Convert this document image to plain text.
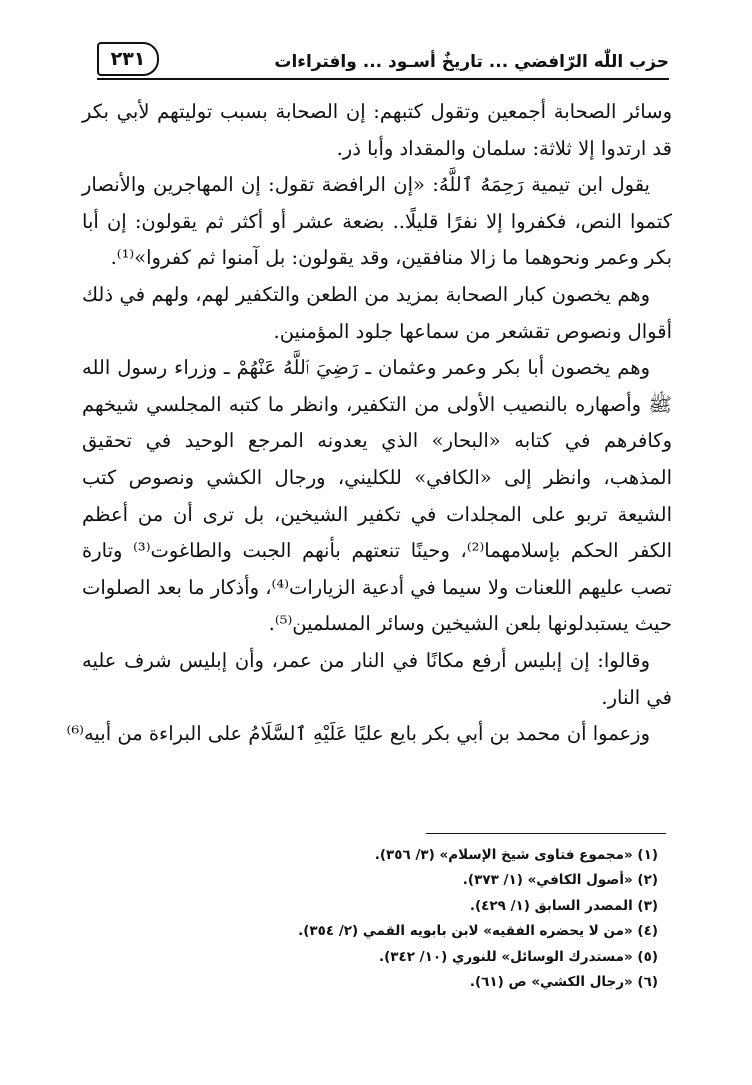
حزب اللّٰه الرّافضي ... تاريخٌ أسـود ... وافتراءات
٢٣١

وسائر الصحابة أجمعين وتقول كتبهم: إن الصحابة بسبب توليتهم لأبي بكر قد ارتدوا إلا ثلاثة: سلمان والمقداد وأبا ذر.

يقول ابن تيمية رَحِمَهُ ٱللَّهُ: «إن الرافضة تقول: إن المهاجرين والأنصار كتموا النص، فكفروا إلا نفرًا قليلًا.. بضعة عشر أو أكثر ثم يقولون: إن أبا بكر وعمر ونحوهما ما زالا منافقين، وقد يقولون: بل آمنوا ثم كفروا»⁽¹⁾.

وهم يخصون كبار الصحابة بمزيد من الطعن والتكفير لهم، ولهم في ذلك أقوال ونصوص تقشعر من سماعها جلود المؤمنين.

وهم يخصون أبا بكر وعمر وعثمان ـ رَضِيَ ٱللَّهُ عَنْهُمْ ـ وزراء رسول الله ﷺ وأصهاره بالنصيب الأولى من التكفير، وانظر ما كتبه المجلسي شيخهم وكافرهم في كتابه «البحار» الذي يعدونه المرجع الوحيد في تحقيق المذهب، وانظر إلى «الكافي» للكليني، ورجال الكشي ونصوص كتب الشيعة تربو على المجلدات في تكفير الشيخين، بل ترى أن من أعظم الكفر الحكم بإسلامهما⁽²⁾، وحينًا تنعتهم بأنهم الجبت والطاغوت⁽³⁾ وتارة تصب عليهم اللعنات ولا سيما في أدعية الزيارات⁽⁴⁾، وأذكار ما بعد الصلوات حيث يستبدلونها بلعن الشيخين وسائر المسلمين⁽⁵⁾.

وقالوا: إن إبليس أرفع مكانًا في النار من عمر، وأن إبليس شرف عليه في النار.

وزعموا أن محمد بن أبي بكر بايع عليًا عَلَيْهِ ٱلسَّلَامُ على البراءة من أبيه⁽⁶⁾

(١) «مجموع فتاوى شيخ الإسلام» (٣/ ٣٥٦).
(٢) «أصول الكافي» (١/ ٣٧٣).
(٣) المصدر السابق (١/ ٤٢٩).
(٤) «من لا يحضره الفقيه» لابن بابويه القمي (٢/ ٣٥٤).
(٥) «مستدرك الوسائل» للنوري (١٠/ ٣٤٢).
(٦) «رجال الكشي» ص (٦١).
